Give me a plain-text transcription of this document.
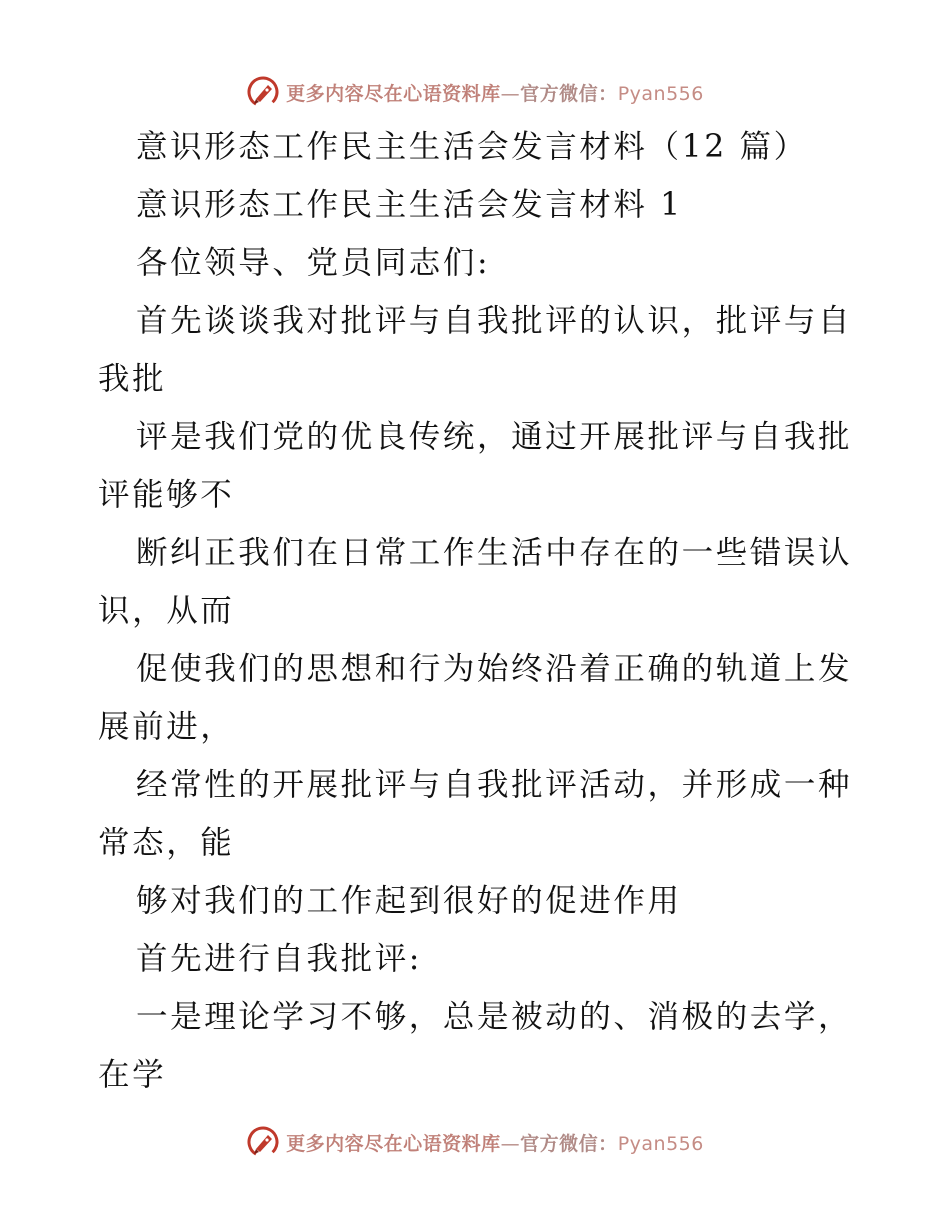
更多内容尽在心语资料库—官方微信：Pyan556
意识形态工作民主生活会发言材料（12 篇）
意识形态工作民主生活会发言材料 1
各位领导、党员同志们:
首先谈谈我对批评与自我批评的认识，批评与自
我批
评是我们党的优良传统，通过开展批评与自我批
评能够不
断纠正我们在日常工作生活中存在的一些错误认
识，从而
促使我们的思想和行为始终沿着正确的轨道上发
展前进，
经常性的开展批评与自我批评活动，并形成一种
常态，能
够对我们的工作起到很好的促进作用
首先进行自我批评:
一是理论学习不够，总是被动的、消极的去学，
在学
更多内容尽在心语资料库—官方微信：Pyan556
